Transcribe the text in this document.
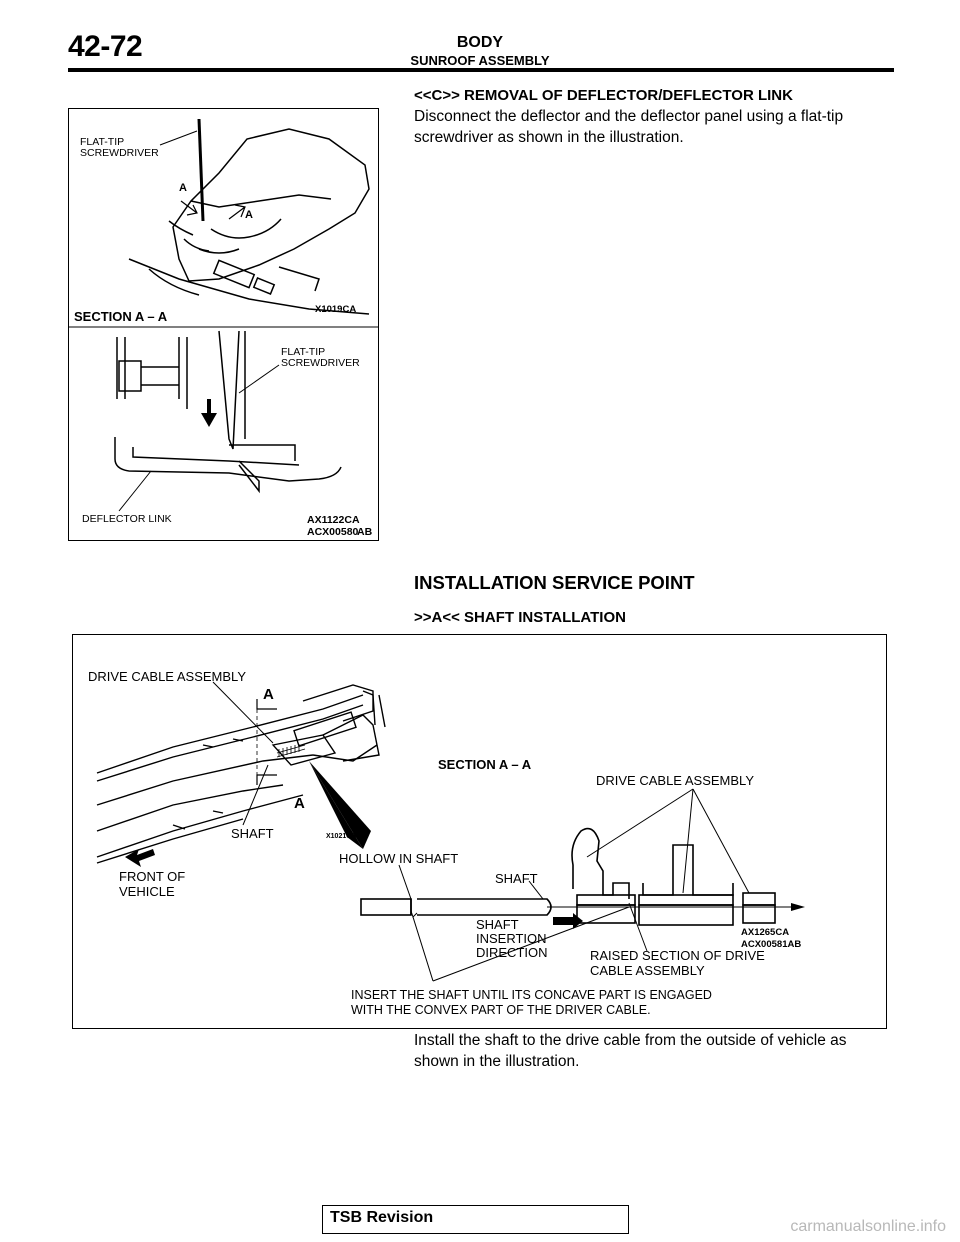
42-72	BODY
SUNROOF ASSEMBLY
<<C>> REMOVAL OF DEFLECTOR/DEFLECTOR LINK
Disconnect the deflector and the deflector panel using a flat-tip screwdriver as shown in the illustration.
FLAT-TIP
SCREWDRIVER
A
A
X1019CA
SECTION A – A
FLAT-TIP
SCREWDRIVER
DEFLECTOR LINK	AX1122CA
ACX00580
AB
INSTALLATION SERVICE POINT
>>A<< SHAFT INSTALLATION
DRIVE CABLE ASSEMBLY
A
A
SHAFT	X1021CA
FRONT OF
VEHICLE
SECTION A – A
DRIVE CABLE ASSEMBLY
HOLLOW IN SHAFT
SHAFT
SHAFT
INSERTION
DIRECTION	RAISED SECTION OF DRIVE
CABLE ASSEMBLY
AX1265CA
ACX00581AB
INSERT THE SHAFT UNTIL ITS CONCAVE PART IS ENGAGED
WITH THE CONVEX PART OF THE DRIVER CABLE.
Install the shaft to the drive cable from the outside of vehicle as shown in the illustration.
TSB Revision
carmanualsonline.info
